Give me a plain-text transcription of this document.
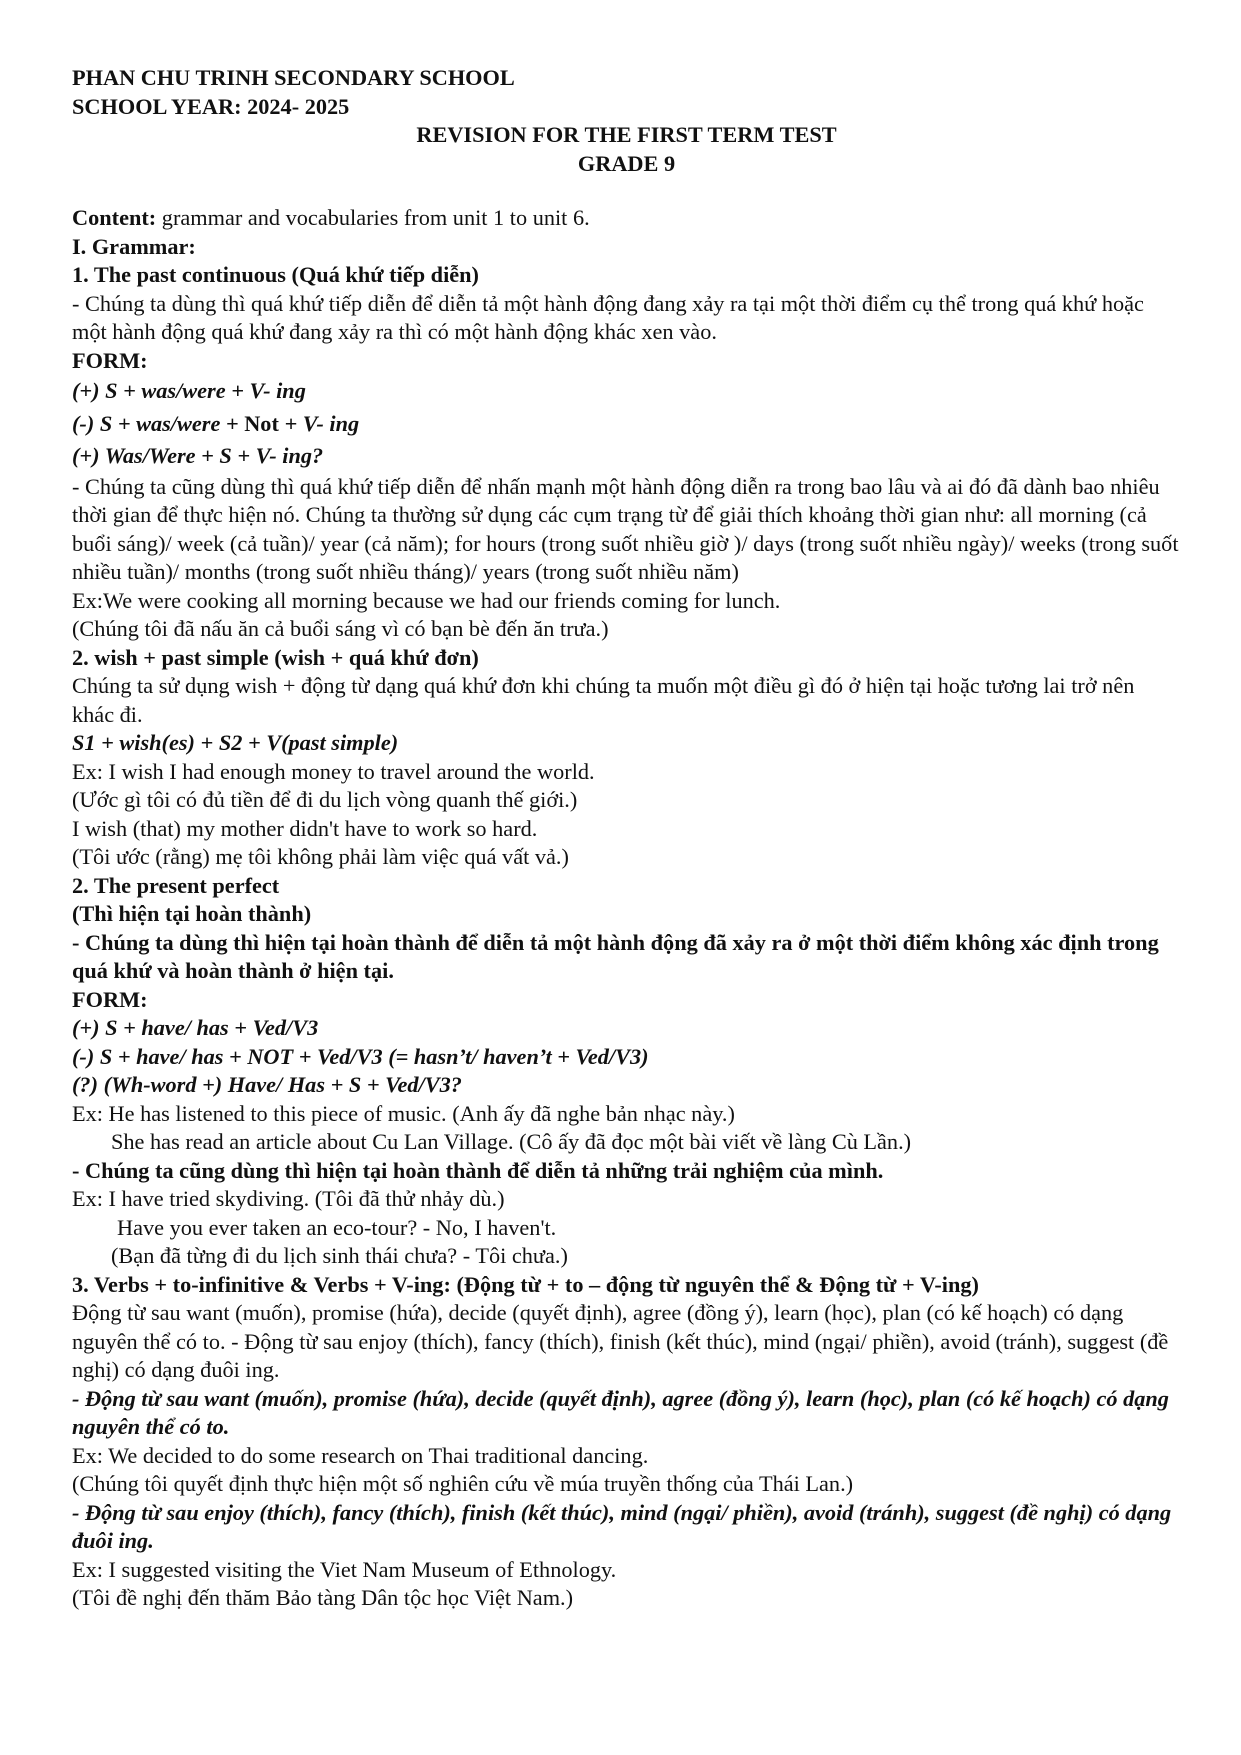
PHAN CHU TRINH SECONDARY SCHOOL
SCHOOL YEAR: 2024- 2025
REVISION FOR THE FIRST TERM TEST
GRADE 9
Content: grammar and vocabularies from unit 1 to unit 6.
I. Grammar:
1. The past continuous (Quá khứ tiếp diễn)
- Chúng ta dùng thì quá khứ tiếp diễn để diễn tả một hành động đang xảy ra tại một thời điểm cụ thể trong quá khứ hoặc một hành động quá khứ đang xảy ra thì có một hành động khác xen vào.
FORM:
(+) S + was/were + V- ing
(-) S + was/were + Not + V- ing
(+) Was/Were + S + V- ing?
- Chúng ta cũng dùng thì quá khứ tiếp diễn để nhấn mạnh một hành động diễn ra trong bao lâu và ai đó đã dành bao nhiêu thời gian để thực hiện nó. Chúng ta thường sử dụng các cụm trạng từ để giải thích khoảng thời gian như: all morning (cả buổi sáng)/ week (cả tuần)/ year (cả năm); for hours (trong suốt nhiều giờ )/ days (trong suốt nhiều ngày)/ weeks (trong suốt nhiều tuần)/ months (trong suốt nhiều tháng)/ years (trong suốt nhiều năm)
Ex:We were cooking all morning because we had our friends coming for lunch.
(Chúng tôi đã nấu ăn cả buổi sáng vì có bạn bè đến ăn trưa.)
2. wish + past simple (wish + quá khứ đơn)
Chúng ta sử dụng wish + động từ dạng quá khứ đơn khi chúng ta muốn một điều gì đó ở hiện tại hoặc tương lai trở nên khác đi.
S1 + wish(es) + S2 + V(past simple)
Ex: I wish I had enough money to travel around the world.
(Ước gì tôi có đủ tiền để đi du lịch vòng quanh thế giới.)
I wish (that) my mother didn't have to work so hard.
(Tôi ước (rằng) mẹ tôi không phải làm việc quá vất vả.)
2. The present perfect
(Thì hiện tại hoàn thành)
- Chúng ta dùng thì hiện tại hoàn thành để diễn tả một hành động đã xảy ra ở một thời điểm không xác định trong quá khứ và hoàn thành ở hiện tại.
FORM:
(+) S + have/ has + Ved/V3
(-) S + have/ has + NOT + Ved/V3 (= hasn’t/ haven’t + Ved/V3)
(?) (Wh-word +) Have/ Has + S + Ved/V3?
Ex: He has listened to this piece of music. (Anh ấy đã nghe bản nhạc này.)
She has read an article about Cu Lan Village. (Cô ấy đã đọc một bài viết về làng Cù Lần.)
- Chúng ta cũng dùng thì hiện tại hoàn thành để diễn tả những trải nghiệm của mình.
Ex: I have tried skydiving. (Tôi đã thử nhảy dù.)
Have you ever taken an eco-tour? - No, I haven't.
(Bạn đã từng đi du lịch sinh thái chưa? - Tôi chưa.)
3. Verbs + to-infinitive & Verbs + V-ing: (Động từ + to – động từ nguyên thể & Động từ + V-ing)
Động từ sau want (muốn), promise (hứa), decide (quyết định), agree (đồng ý), learn (học), plan (có kế hoạch) có dạng nguyên thể có to. - Động từ sau enjoy (thích), fancy (thích), finish (kết thúc), mind (ngại/ phiền), avoid (tránh), suggest (đề nghị) có dạng đuôi ing.
- Động từ sau want (muốn), promise (hứa), decide (quyết định), agree (đồng ý), learn (học), plan (có kế hoạch) có dạng nguyên thể có to.
Ex: We decided to do some research on Thai traditional dancing.
(Chúng tôi quyết định thực hiện một số nghiên cứu về múa truyền thống của Thái Lan.)
- Động từ sau enjoy (thích), fancy (thích), finish (kết thúc), mind (ngại/ phiền), avoid (tránh), suggest (đề nghị) có dạng đuôi ing.
Ex: I suggested visiting the Viet Nam Museum of Ethnology.
(Tôi đề nghị đến thăm Bảo tàng Dân tộc học Việt Nam.)
